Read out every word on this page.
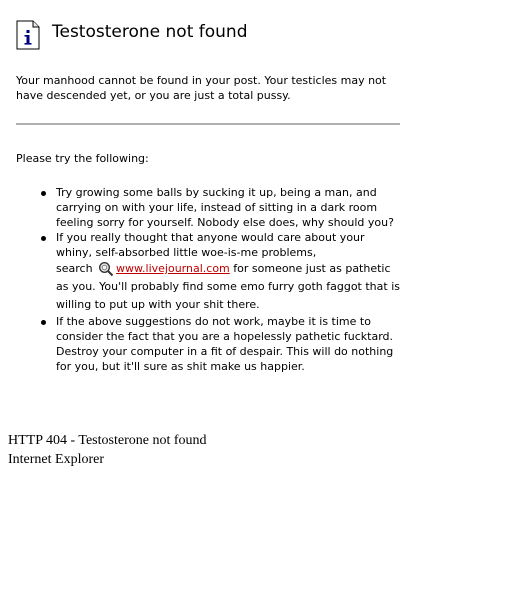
Testosterone not found
Your manhood cannot be found in your post. Your testicles may not have descended yet, or you are just a total pussy.
Please try the following:
Try growing some balls by sucking it up, being a man, and carrying on with your life, instead of sitting in a dark room feeling sorry for yourself. Nobody else does, why should you?
If you really thought that anyone would care about your whiny, self-absorbed little woe-is-me problems,
search www.livejournal.com for someone just as pathetic as you. You'll probably find some emo furry goth faggot that is willing to put up with your shit there.
If the above suggestions do not work, maybe it is time to consider the fact that you are a hopelessly pathetic fucktard. Destroy your computer in a fit of despair. This will do nothing for you, but it'll sure as shit make us happier.
HTTP 404 - Testosterone not found
Internet Explorer
